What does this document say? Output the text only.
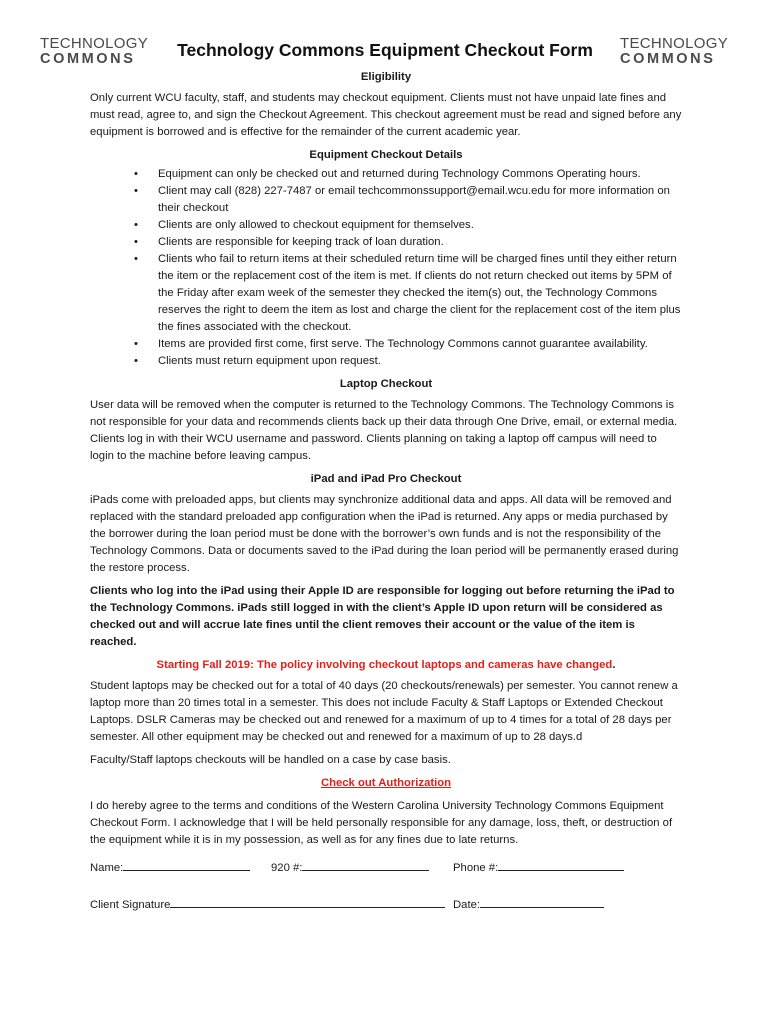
TECHNOLOGY
COMMONS	Technology Commons Equipment Checkout Form	TECHNOLOGY
COMMONS

Eligibility

Only current WCU faculty, staff, and students may checkout equipment. Clients must not have unpaid late fines and must read, agree to, and sign the Checkout Agreement. This checkout agreement must be read and signed before any equipment is borrowed and is effective for the remainder of the current academic year.

Equipment Checkout Details

• Equipment can only be checked out and returned during Technology Commons Operating hours.
• Client may call (828) 227-7487 or email techcommonssupport@email.wcu.edu for more information on their checkout
• Clients are only allowed to checkout equipment for themselves.
• Clients are responsible for keeping track of loan duration.
• Clients who fail to return items at their scheduled return time will be charged fines until they either return the item or the replacement cost of the item is met. If clients do not return checked out items by 5PM of the Friday after exam week of the semester they checked the item(s) out, the Technology Commons reserves the right to deem the item as lost and charge the client for the replacement cost of the item plus the fines associated with the checkout.
• Items are provided first come, first serve. The Technology Commons cannot guarantee availability.
• Clients must return equipment upon request.

Laptop Checkout

User data will be removed when the computer is returned to the Technology Commons. The Technology Commons is not responsible for your data and recommends clients back up their data through One Drive, email, or external media. Clients log in with their WCU username and password. Clients planning on taking a laptop off campus will need to login to the machine before leaving campus.

iPad and iPad Pro Checkout

iPads come with preloaded apps, but clients may synchronize additional data and apps. All data will be removed and replaced with the standard preloaded app configuration when the iPad is returned. Any apps or media purchased by the borrower during the loan period must be done with the borrower’s own funds and is not the responsibility of the Technology Commons. Data or documents saved to the iPad during the loan period will be permanently erased during the restore process.

Clients who log into the iPad using their Apple ID are responsible for logging out before returning the iPad to the Technology Commons. iPads still logged in with the client’s Apple ID upon return will be considered as checked out and will accrue late fines until the client removes their account or the value of the item is reached.

Starting Fall 2019: The policy involving checkout laptops and cameras have changed.

Student laptops may be checked out for a total of 40 days (20 checkouts/renewals) per semester. You cannot renew a laptop more than 20 times total in a semester. This does not include Faculty & Staff Laptops or Extended Checkout Laptops. DSLR Cameras may be checked out and renewed for a maximum of up to 4 times for a total of 28 days per semester. All other equipment may be checked out and renewed for a maximum of up to 28 days.d

Faculty/Staff laptops checkouts will be handled on a case by case basis.

Check out Authorization

I do hereby agree to the terms and conditions of the Western Carolina University Technology Commons Equipment Checkout Form. I acknowledge that I will be held personally responsible for any damage, loss, theft, or destruction of the equipment while it is in my possession, as well as for any fines due to late returns.

Name:	920 #:	Phone #:
Client Signature	Date:
